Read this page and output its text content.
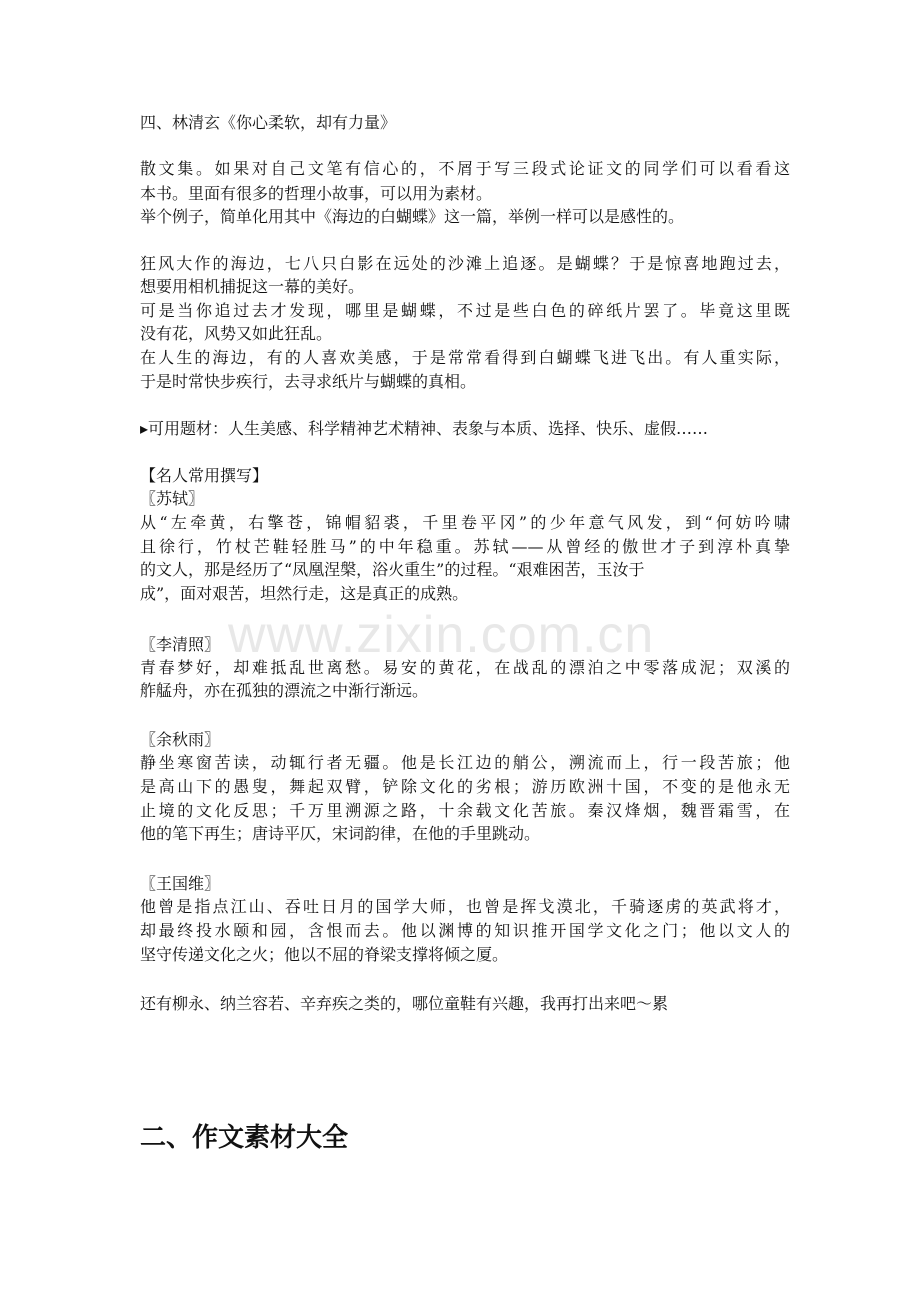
www.zixin.com.cn
四、林清玄《你心柔软，却有力量》
散文集。如果对自己文笔有信心的，不屑于写三段式论证文的同学们可以看看这
本书。里面有很多的哲理小故事，可以用为素材。
举个例子，简单化用其中《海边的白蝴蝶》这一篇，举例一样可以是感性的。
狂风大作的海边，七八只白影在远处的沙滩上追逐。是蝴蝶？于是惊喜地跑过去，
想要用相机捕捉这一幕的美好。
可是当你追过去才发现，哪里是蝴蝶，不过是些白色的碎纸片罢了。毕竟这里既
没有花，风势又如此狂乱。
在人生的海边，有的人喜欢美感，于是常常看得到白蝴蝶飞进飞出。有人重实际，
于是时常快步疾行，去寻求纸片与蝴蝶的真相。
▸可用题材：人生美感、科学精神艺术精神、表象与本质、选择、快乐、虚假……
【名人常用撰写】
〖苏轼〗
从“左牵黄，右擎苍，锦帽貂裘，千里卷平冈”的少年意气风发，到“何妨吟啸
且徐行，竹杖芒鞋轻胜马”的中年稳重。苏轼——从曾经的傲世才子到淳朴真挚
的文人，那是经历了“凤凰涅槃，浴火重生”的过程。“艰难困苦，玉汝于
成”，面对艰苦，坦然行走，这是真正的成熟。
〖李清照〗
青春梦好，却难抵乱世离愁。易安的黄花，在战乱的漂泊之中零落成泥；双溪的
舴艋舟，亦在孤独的漂流之中渐行渐远。
〖余秋雨〗
静坐寒窗苦读，动辄行者无疆。他是长江边的艄公，溯流而上，行一段苦旅；他
是高山下的愚叟，舞起双臂，铲除文化的劣根；游历欧洲十国，不变的是他永无
止境的文化反思；千万里溯源之路，十余载文化苦旅。秦汉烽烟，魏晋霜雪，在
他的笔下再生；唐诗平仄，宋词韵律，在他的手里跳动。
〖王国维〗
他曾是指点江山、吞吐日月的国学大师，也曾是挥戈漠北，千骑逐虏的英武将才，
却最终投水颐和园，含恨而去。他以渊博的知识推开国学文化之门；他以文人的
坚守传递文化之火；他以不屈的脊梁支撑将倾之厦。
还有柳永、纳兰容若、辛弃疾之类的，哪位童鞋有兴趣，我再打出来吧～累
二、作文素材大全
